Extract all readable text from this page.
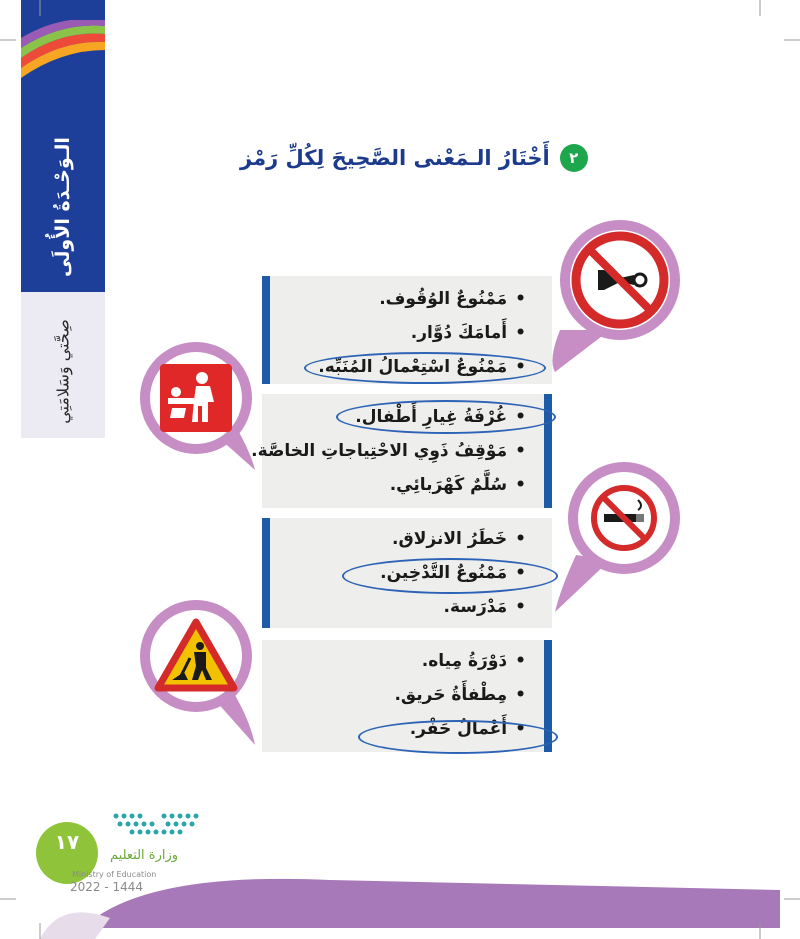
الـوَحْـدَةُ الأُولَى
صِحَّتي وَسَلامَتِي
٢
أَخْتَارُ الـمَعْنى الصَّحِيحَ لِكُلِّ رَمْز
•مَمْنُوعٌ الوُقُوف.
•أَمامَكَ دُوَّار.
•مَمْنُوعٌ اسْتِعْمالُ المُنَبِّه.
•غُرْفَةُ غِيارِ أَطْفال.
•مَوْقِفُ ذَوِي الاحْتِياجاتِ الخاصَّة.
•سُلَّمٌ كَهْرَبائِي.
•خَطَرُ الانزلاق.
•مَمْنُوعٌ التَّدْخِين.
•مَدْرَسة.
•دَوْرَةُ مِياه.
•مِطْفأَةُ حَريق.
•أَعْمالُ حَفْر.
١٧
وزارة التعليم
Ministry of Education
2022 - 1444
